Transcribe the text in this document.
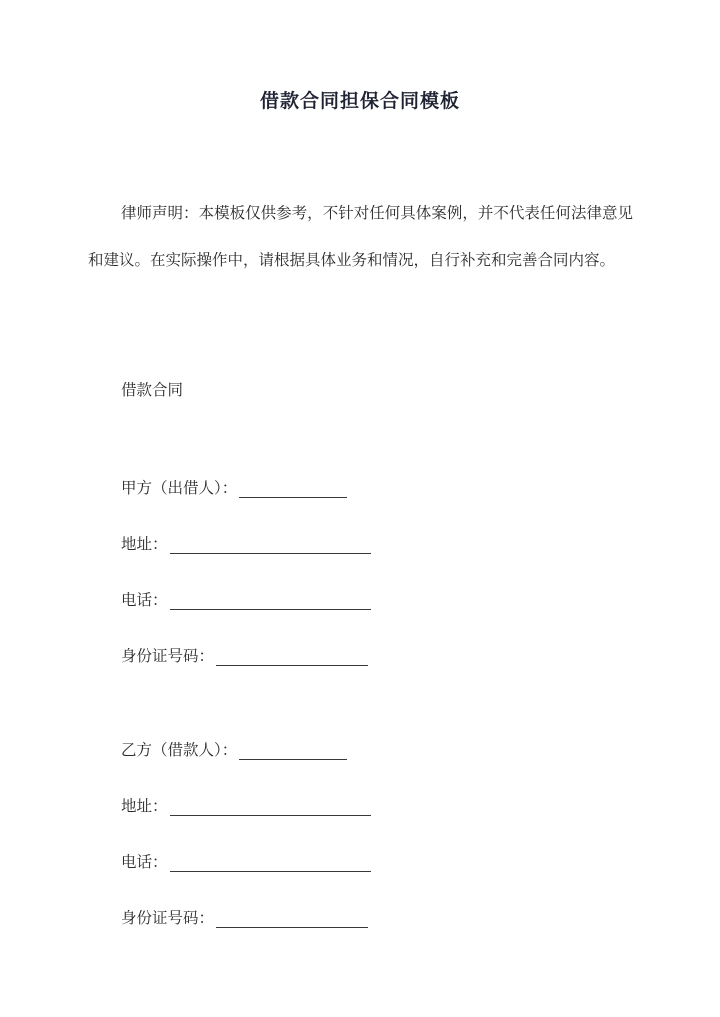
借款合同担保合同模板

律师声明：本模板仅供参考，不针对任何具体案例，并不代表任何法律意见和建议。在实际操作中，请根据具体业务和情况，自行补充和完善合同内容。

借款合同
甲方（出借人）：
地址：
电话：
身份证号码：
乙方（借款人）：
地址：
电话：
身份证号码：
